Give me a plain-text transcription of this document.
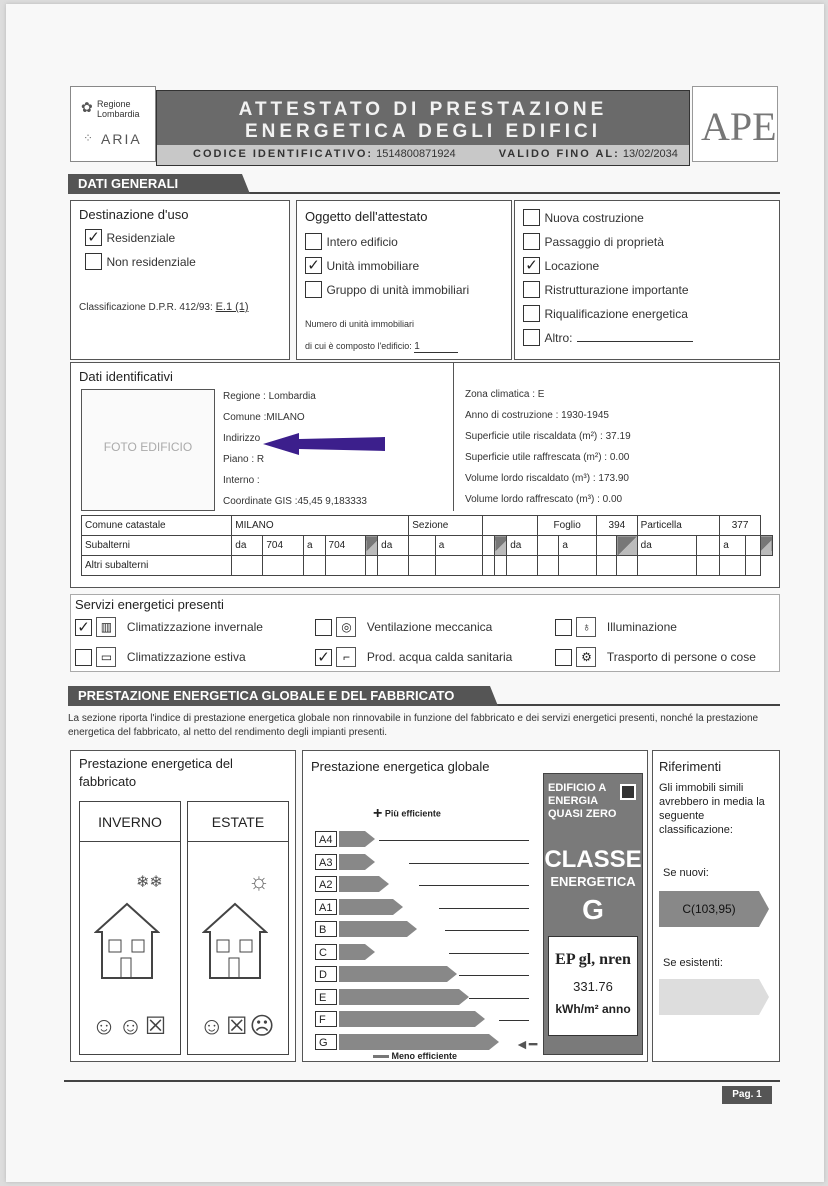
Regione Lombardia
ARIA
✿
⁘
ATTESTATO DI PRESTAZIONE
ENERGETICA DEGLI EDIFICI
CODICE IDENTIFICATIVO: 1514800871924	VALIDO FINO AL: 13/02/2034
APE
DATI GENERALI
Destinazione d'uso
✓ Residenziale
Non residenziale
Classificazione D.P.R. 412/93: E.1 (1)
Oggetto dell'attestato
Intero edificio
✓ Unità immobiliare
Gruppo di unità immobiliari
Numero di unità immobiliari
di cui è composto l'edificio: 1
Nuova costruzione
Passaggio di proprietà
✓ Locazione
Ristrutturazione importante
Riqualificazione energetica
Altro:
Dati identificativi
FOTO EDIFICIO
Regione : Lombardia
Comune :MILANO
Indirizzo
Piano : R
Interno :
Coordinate GIS :45,45 9,183333
Zona climatica : E
Anno di costruzione : 1930-1945
Superficie utile riscaldata (m²) : 37.19
Superficie utile raffrescata (m²) : 0.00
Volume lordo riscaldato (m³) : 173.90
Volume lordo raffrescato (m³) : 0.00
Comune catastale	MILANO						Sezione					Foglio		394		Particella		377		
Subalterni	da	704	a	704		da		a			da		a			da		a		
Altri subalterni																				
Servizi energetici presenti
✓ ▥ Climatizzazione invernale
▭ Climatizzazione estiva
◎ Ventilazione meccanica
✓ ⌐ Prod. acqua calda sanitaria
♁ Illuminazione
⚙ Trasporto di persone o cose
PRESTAZIONE ENERGETICA GLOBALE E DEL FABBRICATO
La sezione riporta l'indice di prestazione energetica globale non rinnovabile in funzione del fabbricato e dei servizi energetici presenti, nonché la prestazione energetica del fabbricato, al netto del rendimento degli impianti presenti.
Prestazione energetica del fabbricato
INVERNO
❄❄
☺☺☒
ESTATE
☼
☺☒☹
Prestazione energetica globale
+ Più efficiente
A4
A3
A2
A1
B
C
D
E
F
G	◄━
Meno efficiente
EDIFICIO A ENERGIA QUASI ZERO
CLASSE
ENERGETICA
G
EP gl, nren
331.76
kWh/m² anno
Riferimenti
Gli immobili simili avrebbero in media la seguente classificazione:
Se nuovi:
C(103,95)
Se esistenti:
Pag. 1
